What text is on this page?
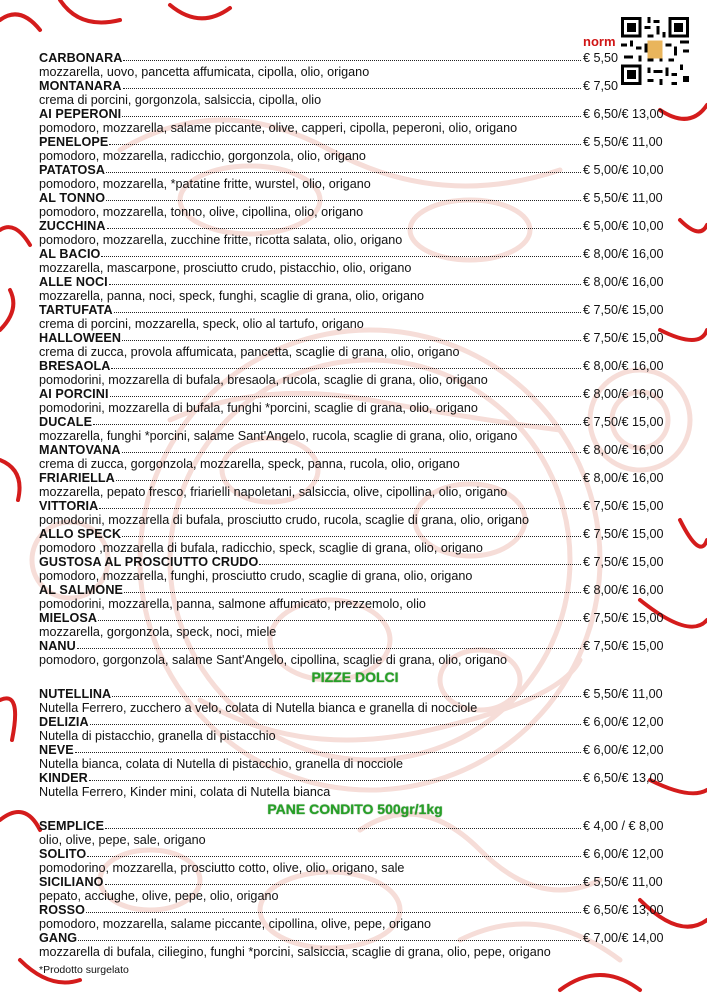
norm
CARBONARA	€ 5,50
mozzarella, uovo, pancetta affumicata, cipolla, olio, origano
MONTANARA	€ 7,50
crema di porcini, gorgonzola, salsiccia, cipolla, olio
AI PEPERONI	€ 6,50/€ 13,00
pomodoro, mozzarella, salame piccante, olive, capperi, cipolla, peperoni, olio, origano
PENELOPE	€ 5,50/€ 11,00
pomodoro, mozzarella, radicchio, gorgonzola, olio, origano
PATATOSA	€ 5,00/€ 10,00
pomodoro, mozzarella, *patatine fritte, wurstel, olio, origano
AL TONNO	€ 5,50/€ 11,00
pomodoro, mozzarella, tonno, olive, cipollina, olio, origano
ZUCCHINA	€ 5,00/€ 10,00
pomodoro, mozzarella, zucchine fritte, ricotta salata, olio, origano
AL BACIO	€ 8,00/€ 16,00
mozzarella, mascarpone, prosciutto crudo, pistacchio, olio, origano
ALLE NOCI	€ 8,00/€ 16,00
mozzarella, panna, noci, speck, funghi, scaglie di grana, olio, origano
TARTUFATA	€ 7,50/€ 15,00
crema di porcini, mozzarella, speck, olio al tartufo, origano
HALLOWEEN	€ 7,50/€ 15,00
crema di zucca, provola affumicata, pancetta, scaglie di grana, olio, origano
BRESAOLA	€ 8,00/€ 16,00
pomodorini, mozzarella di bufala, bresaola, rucola, scaglie di grana, olio, origano
AI PORCINI	€ 8,00/€ 16,00
pomodorini, mozzarella di bufala, funghi *porcini, scaglie di grana, olio, origano
DUCALE	€ 7,50/€ 15,00
mozzarella, funghi *porcini, salame Sant'Angelo, rucola, scaglie di grana, olio, origano
MANTOVANA	€ 8,00/€ 16,00
crema di zucca, gorgonzola, mozzarella, speck, panna, rucola, olio, origano
FRIARIELLA	€ 8,00/€ 16,00
mozzarella, pepato fresco, friarielli napoletani, salsiccia, olive, cipollina, olio, origano
VITTORIA	€ 7,50/€ 15,00
pomodorini, mozzarella di bufala, prosciutto crudo, rucola, scaglie di grana, olio, origano
ALLO SPECK	€ 7,50/€ 15,00
pomodoro ,mozzarella di bufala, radicchio, speck, scaglie di grana, olio, origano
GUSTOSA AL PROSCIUTTO CRUDO	€ 7,50/€ 15,00
pomodoro, mozzarella, funghi, prosciutto crudo, scaglie di grana, olio, origano
AL SALMONE	€ 8,00/€ 16,00
pomodorini, mozzarella, panna, salmone affumicato, prezzemolo, olio
MIELOSA	€ 7,50/€ 15,00
mozzarella, gorgonzola, speck, noci, miele
NANU	€ 7,50/€ 15,00
pomodoro, gorgonzola, salame Sant'Angelo, cipollina, scaglie di grana, olio, origano
PIZZE DOLCI
NUTELLINA	€ 5,50/€ 11,00
Nutella Ferrero, zucchero a velo, colata di Nutella bianca e granella di nocciole
DELIZIA	€ 6,00/€ 12,00
Nutella di pistacchio, granella di pistacchio
NEVE	€ 6,00/€ 12,00
Nutella bianca, colata di Nutella di pistacchio, granella di nocciole
KINDER	€ 6,50/€ 13,00
Nutella Ferrero, Kinder mini, colata di Nutella bianca
PANE CONDITO 500gr/1kg
SEMPLICE	€ 4,00 / € 8,00
olio, olive, pepe, sale, origano
SOLITO	€ 6,00/€ 12,00
pomodorino, mozzarella, prosciutto cotto, olive, olio, origano, sale
SICILIANO	€ 5,50/€ 11,00
pepato, acciughe, olive, pepe, olio, origano
ROSSO	€ 6,50/€ 13,00
pomodoro, mozzarella, salame piccante, cipollina, olive, pepe, origano
GANG	€ 7,00/€ 14,00
mozzarella di bufala, ciliegino, funghi *porcini, salsiccia, scaglie di grana, olio, pepe, origano
*Prodotto surgelato
